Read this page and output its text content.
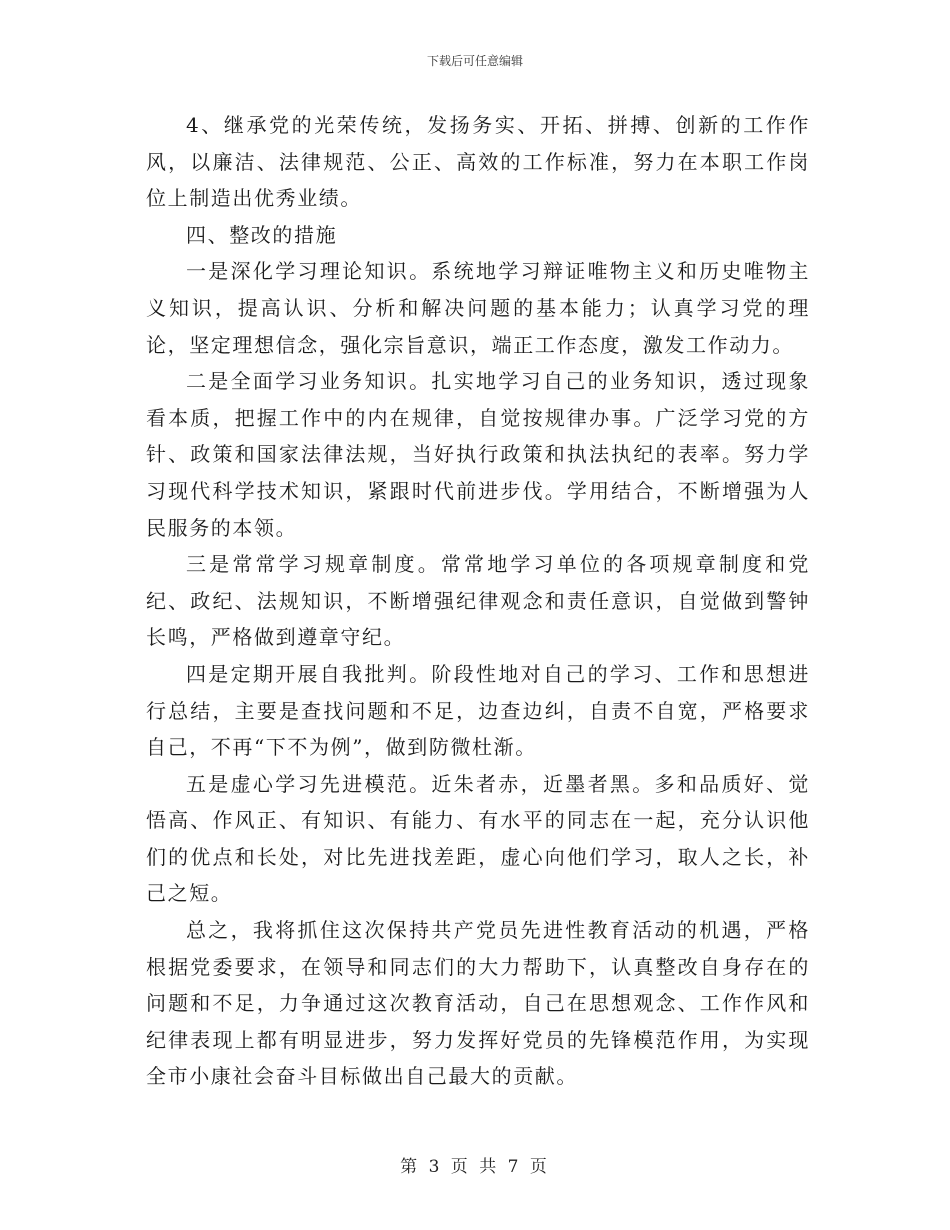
下载后可任意编辑

4、继承党的光荣传统，发扬务实、开拓、拼搏、创新的工作作风，以廉洁、法律规范、公正、高效的工作标准，努力在本职工作岗位上制造出优秀业绩。

四、整改的措施

一是深化学习理论知识。系统地学习辩证唯物主义和历史唯物主义知识，提高认识、分析和解决问题的基本能力；认真学习党的理论，坚定理想信念，强化宗旨意识，端正工作态度，激发工作动力。

二是全面学习业务知识。扎实地学习自己的业务知识，透过现象看本质，把握工作中的内在规律，自觉按规律办事。广泛学习党的方针、政策和国家法律法规，当好执行政策和执法执纪的表率。努力学习现代科学技术知识，紧跟时代前进步伐。学用结合，不断增强为人民服务的本领。

三是常常学习规章制度。常常地学习单位的各项规章制度和党纪、政纪、法规知识，不断增强纪律观念和责任意识，自觉做到警钟长鸣，严格做到遵章守纪。

四是定期开展自我批判。阶段性地对自己的学习、工作和思想进行总结，主要是查找问题和不足，边查边纠，自责不自宽，严格要求自己，不再“下不为例”，做到防微杜渐。

五是虚心学习先进模范。近朱者赤，近墨者黑。多和品质好、觉悟高、作风正、有知识、有能力、有水平的同志在一起，充分认识他们的优点和长处，对比先进找差距，虚心向他们学习，取人之长，补己之短。

总之，我将抓住这次保持共产党员先进性教育活动的机遇，严格根据党委要求，在领导和同志们的大力帮助下，认真整改自身存在的问题和不足，力争通过这次教育活动，自己在思想观念、工作作风和纪律表现上都有明显进步，努力发挥好党员的先锋模范作用，为实现全市小康社会奋斗目标做出自己最大的贡献。

第 3 页 共 7 页
